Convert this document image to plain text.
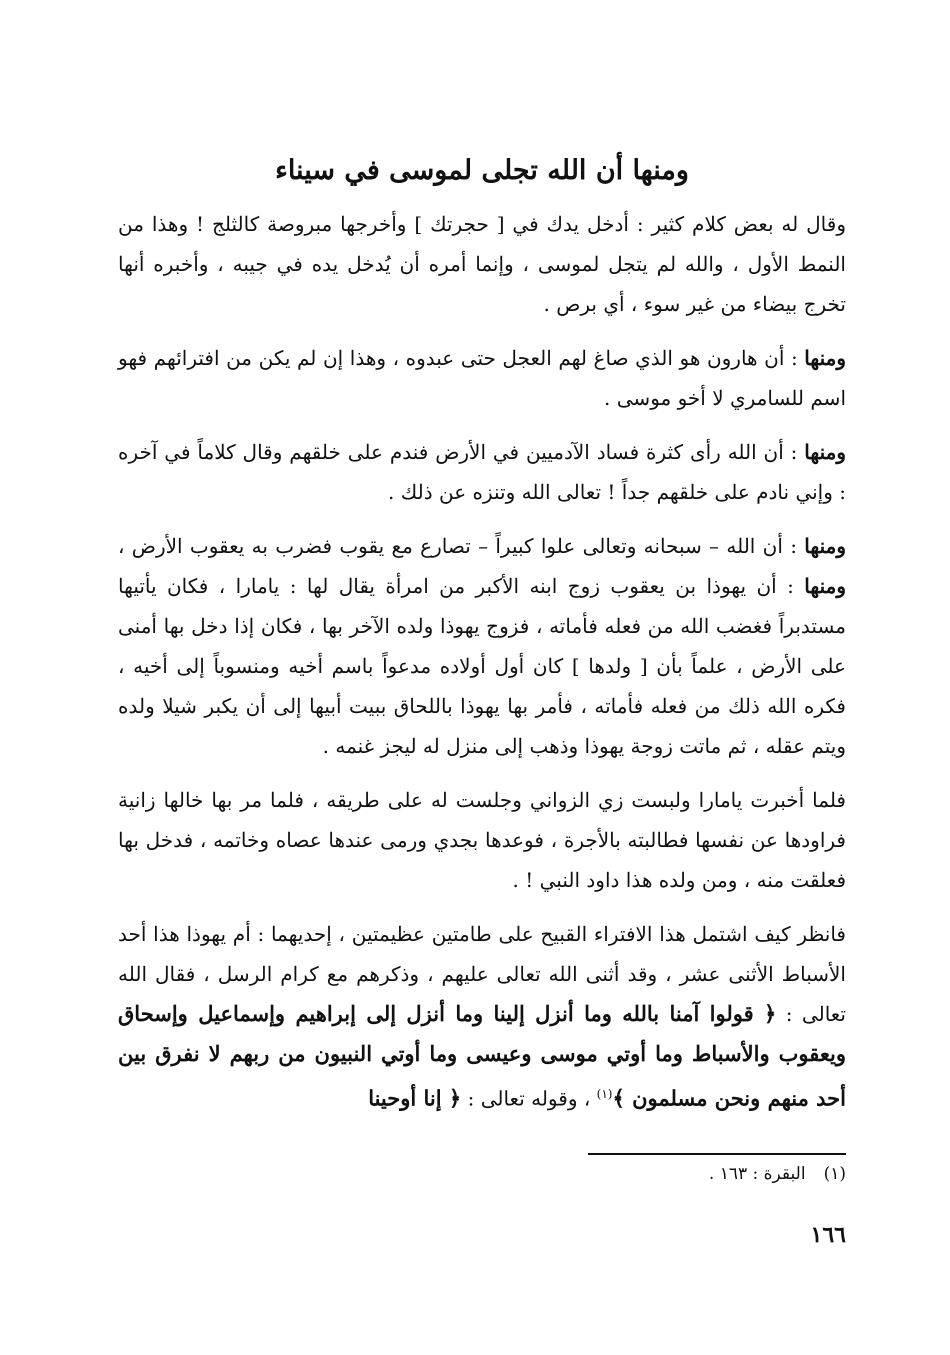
ومنها أن الله تجلى لموسى في سيناء

وقال له بعض كلام كثير : أدخل يدك في [ حجرتك ] وأخرجها مبروصة كالثلج ! وهذا من النمط الأول ، والله لم يتجل لموسى ، وإنما أمره أن يُدخل يده في جيبه ، وأخبره أنها تخرج بيضاء من غير سوء ، أي برص .

ومنها : أن هارون هو الذي صاغ لهم العجل حتى عبدوه ، وهذا إن لم يكن من افترائهم فهو اسم للسامري لا أخو موسى .

ومنها : أن الله رأى كثرة فساد الآدميين في الأرض فندم على خلقهم وقال كلاماً في آخره : وإني نادم على خلقهم جداً ! تعالى الله وتنزه عن ذلك .

ومنها : أن الله – سبحانه وتعالى علوا كبيراً – تصارع مع يقوب فضرب به يعقوب الأرض ، ومنها : أن يهوذا بن يعقوب زوج ابنه الأكبر من امرأة يقال لها : يامارا ، فكان يأتيها مستدبراً فغضب الله من فعله فأماته ، فزوج يهوذا ولده الآخر بها ، فكان إذا دخل بها أمنى على الأرض ، علماً بأن [ ولدها ] كان أول أولاده مدعواً باسم أخيه ومنسوباً إلى أخيه ، فكره الله ذلك من فعله فأماته ، فأمر بها يهوذا باللحاق ببيت أبيها إلى أن يكبر شيلا ولده ويتم عقله ، ثم ماتت زوجة يهوذا وذهب إلى منزل له ليجز غنمه .

فلما أخبرت يامارا ولبست زي الزواني وجلست له على طريقه ، فلما مر بها خالها زانية فراودها عن نفسها فطالبته بالأجرة ، فوعدها بجدي ورمى عندها عصاه وخاتمه ، فدخل بها فعلقت منه ، ومن ولده هذا داود النبي ! .

فانظر كيف اشتمل هذا الافتراء القبيح على طامتين عظيمتين ، إحديهما : أم يهوذا هذا أحد الأسباط الأثنى عشر ، وقد أثنى الله تعالى عليهم ، وذكرهم مع كرام الرسل ، فقال الله تعالى : ﴿ قولوا آمنا بالله وما أنزل إلينا وما أنزل إلى إبراهيم وإسماعيل وإسحاق ويعقوب والأسباط وما أوتي موسى وعيسى وما أوتي النبيون من ربهم لا نفرق بين أحد منهم ونحن مسلمون ﴾$^{(١)}$ ، وقوله تعالى : ﴿ إنا أوحينا

(١)البقرة : ١٦٣ .
١٦٦
